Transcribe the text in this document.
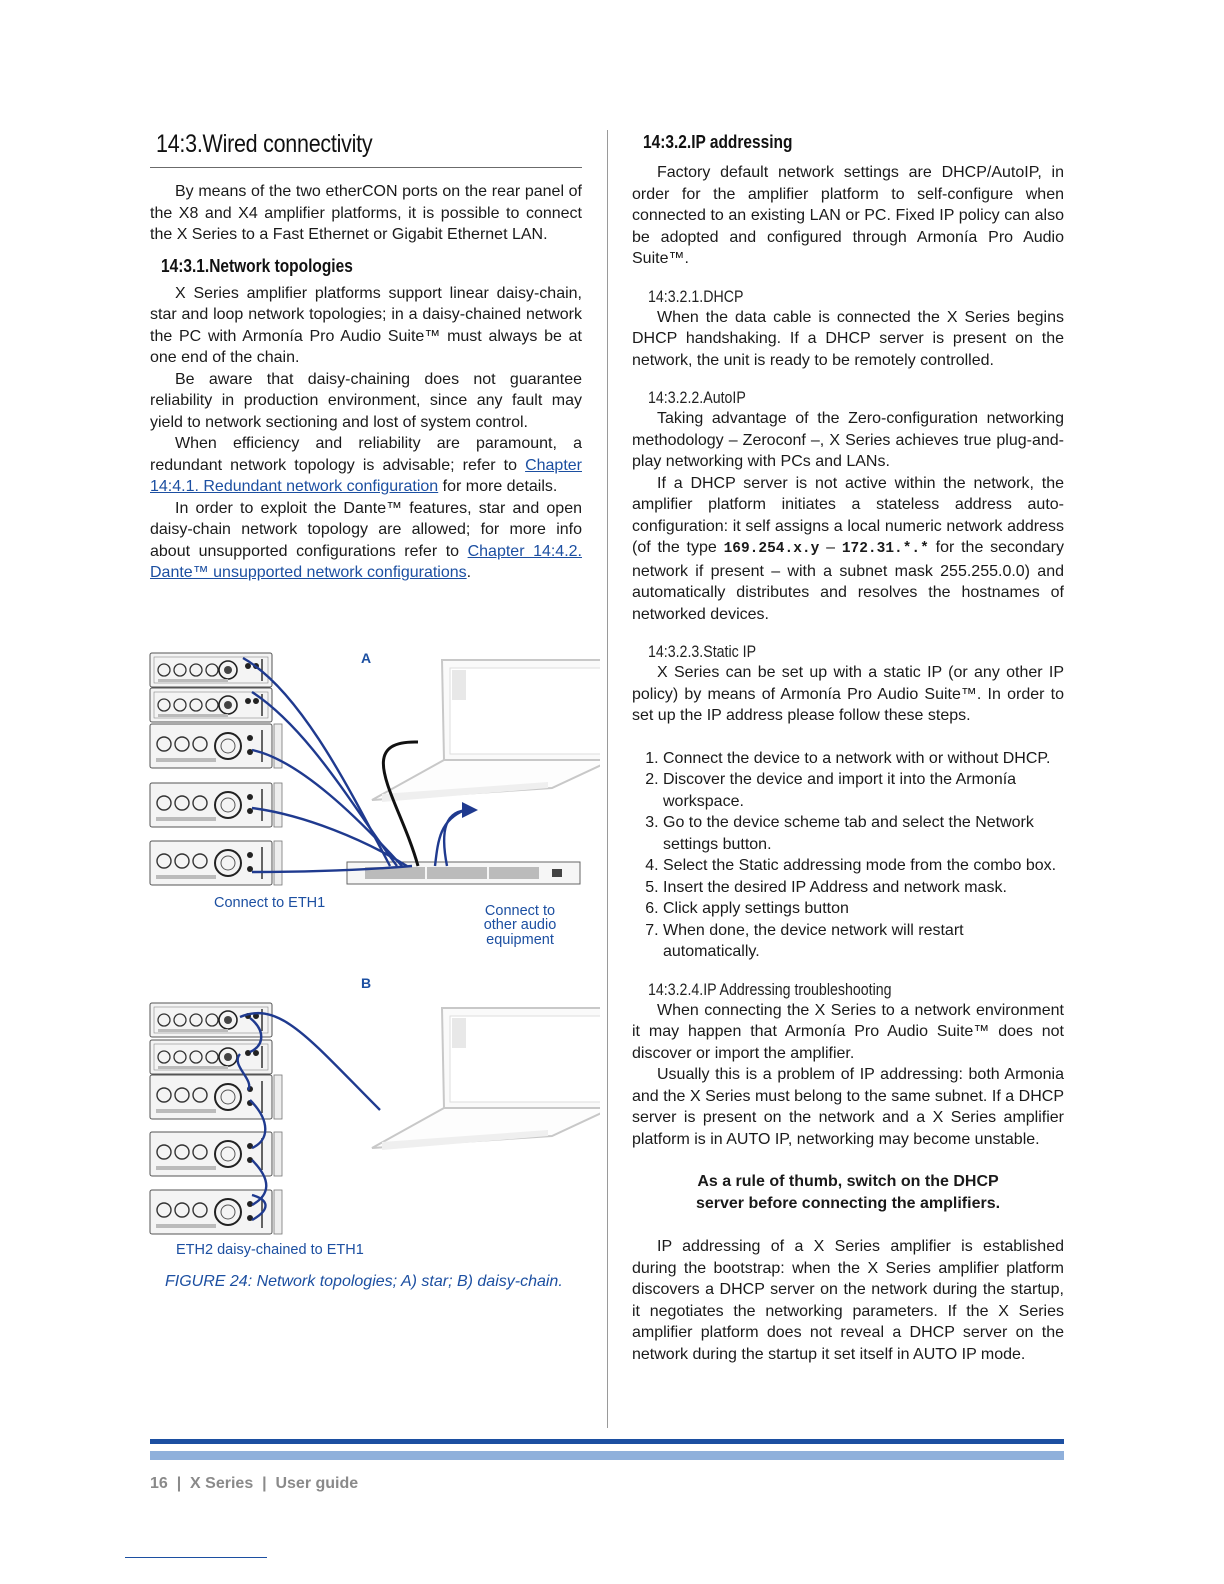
14:3.Wired connectivity

By means of the two etherCON ports on the rear panel of the X8 and X4 amplifier platforms, it is possible to connect the X Series to a Fast Ethernet or Gigabit Ethernet LAN.

14:3.1.Network topologies

X Series amplifier platforms support linear daisy-chain, star and loop network topologies; in a daisy-chained network the PC with Armonía Pro Audio Suite™ must always be at one end of the chain.

Be aware that daisy-chaining does not guarantee reliability in production environment, since any fault may yield to network sectioning and lost of system control.

When efficiency and reliability are paramount, a redundant network topology is advisable; refer to Chapter 14:4.1. Redundant network configuration for more details.

In order to exploit the Dante™ features, star and open daisy-chain network topology are allowed; for more info about unsupported configurations refer to Chapter 14:4.2. Dante™ unsupported network configurations.

A
Connect to ETH1	Connect to
other audio
equipment
B
ETH2 daisy-chained to ETH1
FIGURE 24: Network topologies; A) star; B) daisy-chain.
14:3.2.IP addressing

Factory default network settings are DHCP/AutoIP, in order for the amplifier platform to self-configure when connected to an existing LAN or PC. Fixed IP policy can also be adopted and configured through Armonía Pro Audio Suite™.

14:3.2.1.DHCP

When the data cable is connected the X Series begins DHCP handshaking. If a DHCP server is present on the network, the unit is ready to be remotely controlled.

14:3.2.2.AutoIP

Taking advantage of the Zero-configuration networking methodology – Zeroconf –, X Series achieves true plug-and-play networking with PCs and LANs.

If a DHCP server is not active within the network, the amplifier platform initiates a stateless address auto-configuration: it self assigns a local numeric network address (of the type 169.254.x.y – 172.31.*.* for the secondary network if present – with a subnet mask 255.255.0.0) and automatically distributes and resolves the hostnames of networked devices.

14:3.2.3.Static IP

X Series can be set up with a static IP (or any other IP policy) by means of Armonía Pro Audio Suite™. In order to set up the IP address please follow these steps.

1. Connect the device to a network with or without DHCP.
2. Discover the device and import it into the Armonía workspace.
3. Go to the device scheme tab and select the Network settings button.
4. Select the Static addressing mode from the combo box.
5. Insert the desired IP Address and network mask.
6. Click apply settings button
7. When done, the device network will restart automatically.
14:3.2.4.IP Addressing troubleshooting

When connecting the X Series to a network environment it may happen that Armonía Pro Audio Suite™ does not discover or import the amplifier.

Usually this is a problem of IP addressing: both Armonia and the X Series must belong to the same subnet. If a DHCP server is present on the network and a X Series amplifier platform is in AUTO IP, networking may become unstable.

As a rule of thumb, switch on the DHCP server before connecting the amplifiers.

IP addressing of a X Series amplifier is established during the bootstrap: when the X Series amplifier platform discovers a DHCP server on the network during the startup, it negotiates the networking parameters. If the X Series amplifier platform does not reveal a DHCP server on the network during the startup it set itself in AUTO IP mode.

16  |  X Series  |  User guide
